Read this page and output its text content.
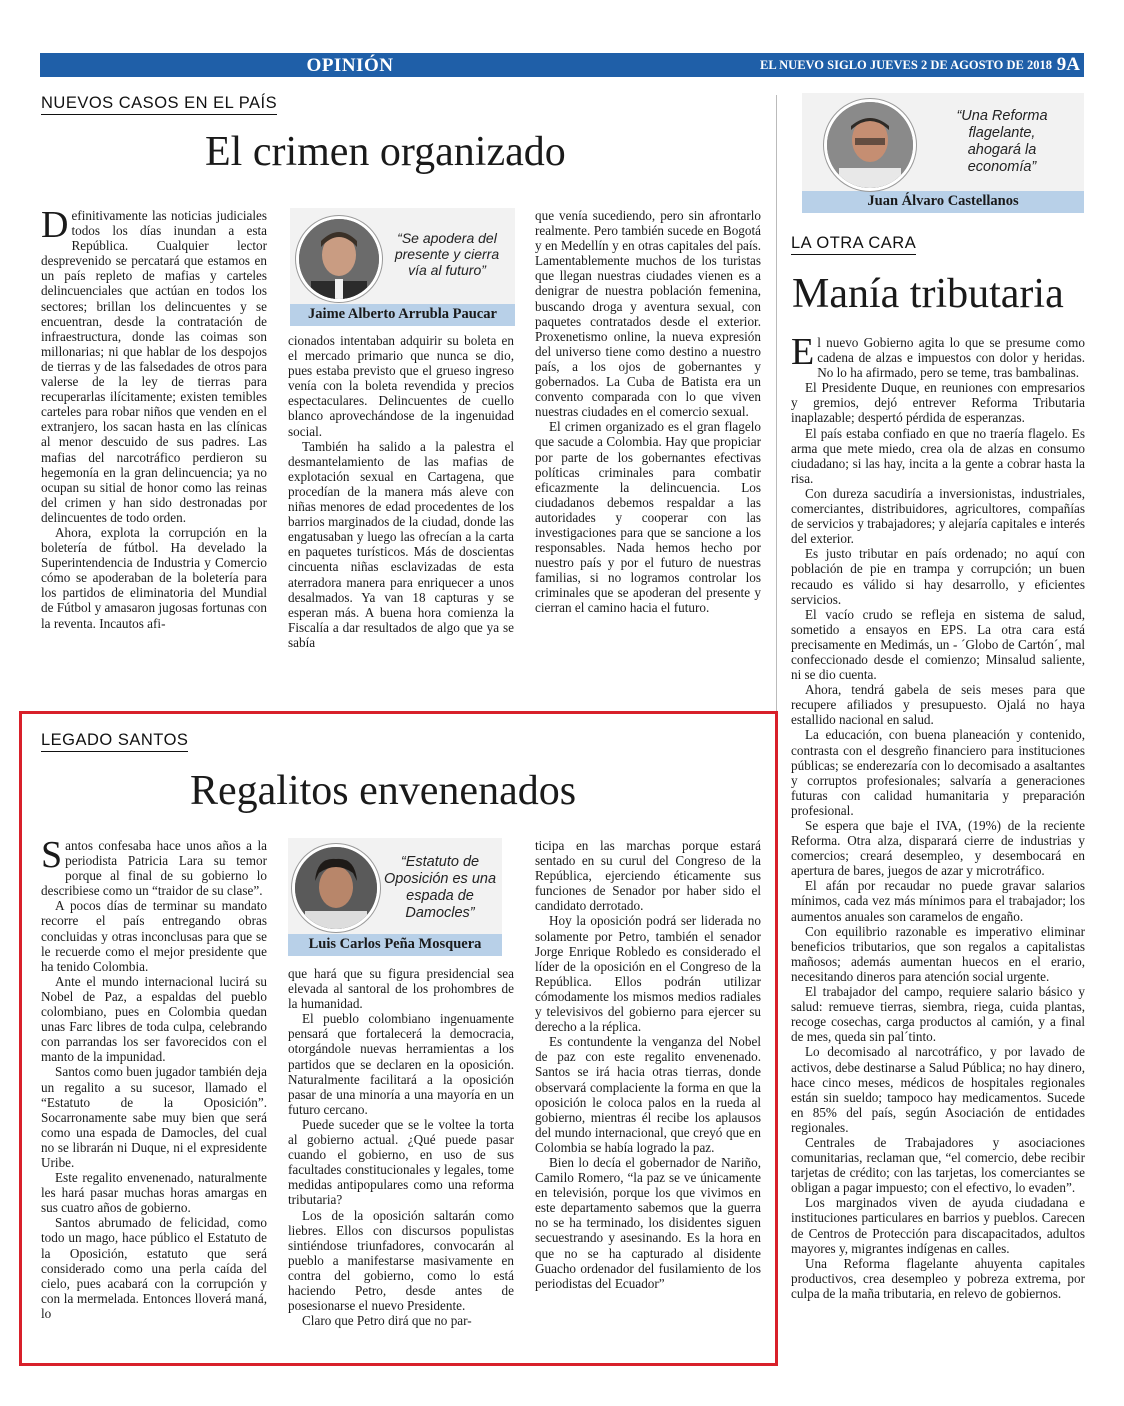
OPINIÓN	EL NUEVO SIGLO JUEVES 2 DE AGOSTO DE 2018 9A
NUEVOS CASOS EN EL PAÍS
El crimen organizado

Definitivamente las noticias judiciales todos los días inundan a esta República. Cualquier lector desprevenido se percatará que estamos en un país repleto de mafias y carteles delincuenciales que actúan en todos los sectores; brillan los delincuentes y se encuentran, desde la contratación de infraestructura, donde las coimas son millonarias; ni que hablar de los despojos de tierras y de las falsedades de otros para valerse de la ley de tierras para recuperarlas ilícitamente; existen temibles carteles para robar niños que venden en el extranjero, los sacan hasta en las clínicas al menor descuido de sus padres. Las mafias del narcotráfico perdieron su hegemonía en la gran delincuencia; ya no ocupan su sitial de honor como las reinas del crimen y han sido destronadas por delincuentes de todo orden.

Ahora, explota la corrupción en la boletería de fútbol. Ha develado la Superintendencia de Industria y Comercio cómo se apoderaban de la boletería para los partidos de eliminatoria del Mundial de Fútbol y amasaron jugosas fortunas con la reventa. Incautos afi-

“Se apodera del presente y cierra vía al futuro”
Jaime Alberto Arrubla Paucar

cionados intentaban adquirir su boleta en el mercado primario que nunca se dio, pues estaba previsto que el grueso ingreso venía con la boleta revendida y precios espectaculares. Delincuentes de cuello blanco aprovechándose de la ingenuidad social.

También ha salido a la palestra el desmantelamiento de las mafias de explotación sexual en Cartagena, que procedían de la manera más aleve con niñas menores de edad procedentes de los barrios marginados de la ciudad, donde las engatusaban y luego las ofrecían a la carta en paquetes turísticos. Más de doscientas cincuenta niñas esclavizadas de esta aterradora manera para enriquecer a unos desalmados. Ya van 18 capturas y se esperan más. A buena hora comienza la Fiscalía a dar resultados de algo que ya se sabía

que venía sucediendo, pero sin afrontarlo realmente. Pero también sucede en Bogotá y en Medellín y en otras capitales del país. Lamentablemente muchos de los turistas que llegan nuestras ciudades vienen es a denigrar de nuestra población femenina, buscando droga y aventura sexual, con paquetes contratados desde el exterior. Proxenetismo online, la nueva expresión del universo tiene como destino a nuestro país, a los ojos de gobernantes y gobernados. La Cuba de Batista era un convento comparada con lo que viven nuestras ciudades en el comercio sexual.

El crimen organizado es el gran flagelo que sacude a Colombia. Hay que propiciar por parte de los gobernantes efectivas políticas criminales para combatir eficazmente la delincuencia. Los ciudadanos debemos respaldar a las autoridades y cooperar con las investigaciones para que se sancione a los responsables. Nada hemos hecho por nuestro país y por el futuro de nuestras familias, si no logramos controlar los criminales que se apoderan del presente y cierran el camino hacia el futuro.

“Una Reforma flagelante, ahogará la economía”
Juan Álvaro Castellanos
LA OTRA CARA
Manía tributaria

El nuevo Gobierno agita lo que se presume como cadena de alzas e impuestos con dolor y heridas. No lo ha afirmado, pero se teme, tras bambalinas.

El Presidente Duque, en reuniones con empresarios y gremios, dejó entrever Reforma Tributaria inaplazable; despertó pérdida de esperanzas.

El país estaba confiado en que no traería flagelo. Es arma que mete miedo, crea ola de alzas en consumo ciudadano; si las hay, incita a la gente a cobrar hasta la risa.

Con dureza sacudiría a inversionistas, industriales, comerciantes, distribuidores, agricultores, compañías de servicios y trabajadores; y alejaría capitales e interés del exterior.

Es justo tributar en país ordenado; no aquí con población de pie en trampa y corrupción; un buen recaudo es válido si hay desarrollo, y eficientes servicios.

El vacío crudo se refleja en sistema de salud, sometido a ensayos en EPS. La otra cara está precisamente en Medimás, un - ´Globo de Cartón´, mal confeccionado desde el comienzo; Minsalud saliente, ni se dio cuenta.

Ahora, tendrá gabela de seis meses para que recupere afiliados y presupuesto. Ojalá no haya estallido nacional en salud.

La educación, con buena planeación y contenido, contrasta con el desgreño financiero para instituciones públicas; se enderezaría con lo decomisado a asaltantes y corruptos profesionales; salvaría a generaciones futuras con calidad humanitaria y preparación profesional.

Se espera que baje el IVA, (19%) de la reciente Reforma. Otra alza, disparará cierre de industrias y comercios; creará desempleo, y desembocará en apertura de bares, juegos de azar y microtráfico.

El afán por recaudar no puede gravar salarios mínimos, cada vez más mínimos para el trabajador; los aumentos anuales son caramelos de engaño.

Con equilibrio razonable es imperativo eliminar beneficios tributarios, que son regalos a capitalistas mañosos; además aumentan huecos en el erario, necesitando dineros para atención social urgente.

El trabajador del campo, requiere salario básico y salud: remueve tierras, siembra, riega, cuida plantas, recoge cosechas, carga productos al camión, y a final de mes, queda sin pal´tinto.

Lo decomisado al narcotráfico, y por lavado de activos, debe destinarse a Salud Pública; no hay dinero, hace cinco meses, médicos de hospitales regionales están sin sueldo; tampoco hay medicamentos. Sucede en 85% del país, según Asociación de entidades regionales.

Centrales de Trabajadores y asociaciones comunitarias, reclaman que, “el comercio, debe recibir tarjetas de crédito; con las tarjetas, los comerciantes se obligan a pagar impuesto; con el efectivo, lo evaden”.

Los marginados viven de ayuda ciudadana e instituciones particulares en barrios y pueblos. Carecen de Centros de Protección para discapacitados, adultos mayores y, migrantes indígenas en calles.

Una Reforma flagelante ahuyenta capitales productivos, crea desempleo y pobreza extrema, por culpa de la maña tributaria, en relevo de gobiernos.

LEGADO SANTOS
Regalitos envenenados

Santos confesaba hace unos años a la periodista Patricia Lara su temor porque al final de su gobierno lo describiese como un “traidor de su clase”.

A pocos días de terminar su mandato recorre el país entregando obras concluidas y otras inconclusas para que se le recuerde como el mejor presidente que ha tenido Colombia.

Ante el mundo internacional lucirá su Nobel de Paz, a espaldas del pueblo colombiano, pues en Colombia quedan unas Farc libres de toda culpa, celebrando con parrandas los ser favorecidos con el manto de la impunidad.

Santos como buen jugador también deja un regalito a su sucesor, llamado el “Estatuto de la Oposición”. Socarronamente sabe muy bien que será como una espada de Damocles, del cual no se librarán ni Duque, ni el expresidente Uribe.

Este regalito envenenado, naturalmente les hará pasar muchas horas amargas en sus cuatro años de gobierno.

Santos abrumado de felicidad, como todo un mago, hace público el Estatuto de la Oposición, estatuto que será considerado como una perla caída del cielo, pues acabará con la corrupción y con la mermelada. Entonces lloverá maná, lo

“Estatuto de Oposición es una espada de Damocles”
Luis Carlos Peña Mosquera

que hará que su figura presidencial sea elevada al santoral de los prohombres de la humanidad.

El pueblo colombiano ingenuamente pensará que fortalecerá la democracia, otorgándole nuevas herramientas a los partidos que se declaren en la oposición. Naturalmente facilitará a la oposición pasar de una minoría a una mayoría en un futuro cercano.

Puede suceder que se le voltee la torta al gobierno actual. ¿Qué puede pasar cuando el gobierno, en uso de sus facultades constitucionales y legales, tome medidas antipopulares como una reforma tributaria?

Los de la oposición saltarán como liebres. Ellos con discursos populistas sintiéndose triunfadores, convocarán al pueblo a manifestarse masivamente en contra del gobierno, como lo está haciendo Petro, desde antes de posesionarse el nuevo Presidente.

Claro que Petro dirá que no par-

ticipa en las marchas porque estará sentado en su curul del Congreso de la República, ejerciendo éticamente sus funciones de Senador por haber sido el candidato derrotado.

Hoy la oposición podrá ser liderada no solamente por Petro, también el senador Jorge Enrique Robledo es considerado el líder de la oposición en el Congreso de la República. Ellos podrán utilizar cómodamente los mismos medios radiales y televisivos del gobierno para ejercer su derecho a la réplica.

Es contundente la venganza del Nobel de paz con este regalito envenenado. Santos se irá hacia otras tierras, donde observará complaciente la forma en que la oposición le coloca palos en la rueda al gobierno, mientras él recibe los aplausos del mundo internacional, que creyó que en Colombia se había logrado la paz.

Bien lo decía el gobernador de Nariño, Camilo Romero, “la paz se ve únicamente en televisión, porque los que vivimos en este departamento sabemos que la guerra no se ha terminado, los disidentes siguen secuestrando y asesinando. Es la hora en que no se ha capturado al disidente Guacho ordenador del fusilamiento de los periodistas del Ecuador”
